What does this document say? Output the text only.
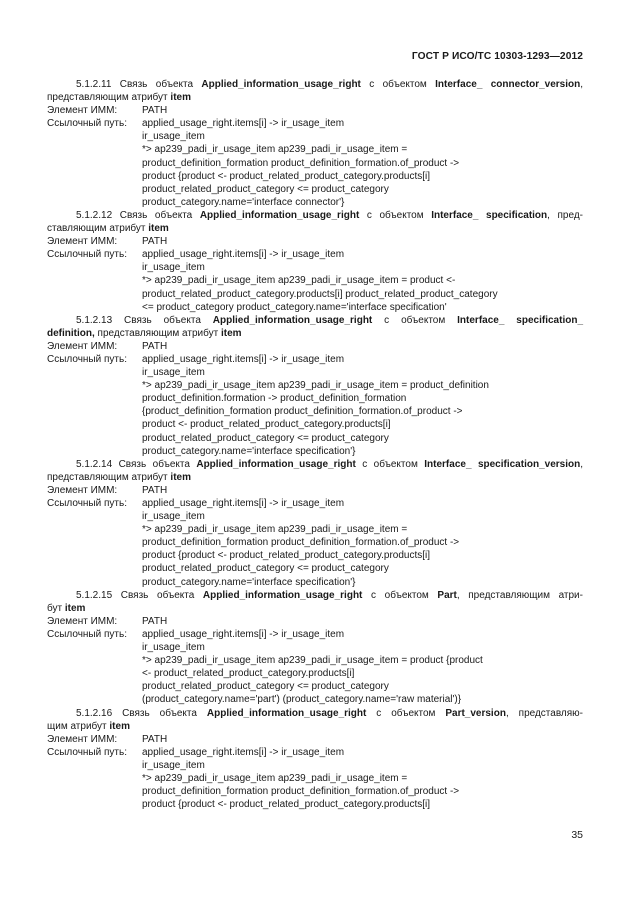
ГОСТ Р ИСО/ТС 10303-1293—2012
5.1.2.11 Связь объекта Applied_information_usage_right с объектом Interface_ connector_version,
представляющим атрибут item
Элемент ИММ:	PATH
Ссылочный путь:	applied_usage_right.items[i] -> ir_usage_item
ir_usage_item
*> ap239_padi_ir_usage_item ap239_padi_ir_usage_item =
product_definition_formation product_definition_formation.of_product ->
product {product <- product_related_product_category.products[i]
product_related_product_category <= product_category
product_category.name='interface connector'}
5.1.2.12 Связь объекта Applied_information_usage_right с объектом Interface_ specification, пред-
ставляющим атрибут item
Элемент ИММ:	PATH
Ссылочный путь:	applied_usage_right.items[i] -> ir_usage_item
ir_usage_item
*> ap239_padi_ir_usage_item ap239_padi_ir_usage_item = product <-
product_related_product_category.products[i] product_related_product_category
<= product_category product_category.name='interface specification'
5.1.2.13 Связь объекта Applied_information_usage_right с объектом Interface_ specification_
definition, представляющим атрибут item
Элемент ИММ:	PATH
Ссылочный путь:	applied_usage_right.items[i] -> ir_usage_item
ir_usage_item
*> ap239_padi_ir_usage_item ap239_padi_ir_usage_item = product_definition
product_definition.formation -> product_definition_formation
{product_definition_formation product_definition_formation.of_product ->
product <- product_related_product_category.products[i]
product_related_product_category <= product_category
product_category.name='interface specification'}
5.1.2.14 Связь объекта Applied_information_usage_right с объектом Interface_ specification_version,
представляющим атрибут item
Элемент ИММ:	PATH
Ссылочный путь:	applied_usage_right.items[i] -> ir_usage_item
ir_usage_item
*> ap239_padi_ir_usage_item ap239_padi_ir_usage_item =
product_definition_formation product_definition_formation.of_product ->
product {product <- product_related_product_category.products[i]
product_related_product_category <= product_category
product_category.name='interface specification'}
5.1.2.15 Связь объекта Applied_information_usage_right с объектом Part, представляющим атри-
бут item
Элемент ИММ:	PATH
Ссылочный путь:	applied_usage_right.items[i] -> ir_usage_item
ir_usage_item
*> ap239_padi_ir_usage_item ap239_padi_ir_usage_item = product {product
<- product_related_product_category.products[i]
product_related_product_category <= product_category
(product_category.name='part') (product_category.name='raw material')}
5.1.2.16 Связь объекта Applied_information_usage_right с объектом Part_version, представляю-
щим атрибут item
Элемент ИММ:	PATH
Ссылочный путь:	applied_usage_right.items[i] -> ir_usage_item
ir_usage_item
*> ap239_padi_ir_usage_item ap239_padi_ir_usage_item =
product_definition_formation product_definition_formation.of_product ->
product {product <- product_related_product_category.products[i]
35
